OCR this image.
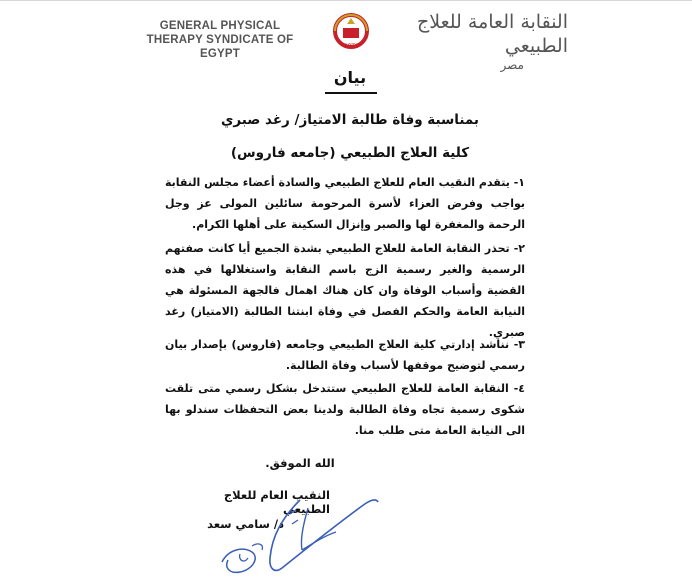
GENERAL PHYSICAL THERAPY SYNDICATE OF EGYPT
GPTS
النقابة العامة للعلاج الطبيعي
مصر
بيان
بمناسبة وفاة طالبة الامتياز/ رغد صبري
كلية العلاج الطبيعي (جامعه فاروس)
١- يتقدم النقيب العام للعلاج الطبيعي والسادة أعضاء مجلس النقابة بواجب وفرض العزاء لأسرة المرحومة سائلين المولى عز وجل الرحمة والمغفرة لها والصبر وإنزال السكينة على أهلها الكرام.
٢- تحذر النقابة العامة للعلاج الطبيعي بشدة الجميع أيا كانت صفتهم الرسمية والغير رسمية الزج باسم النقابة واستغلالها في هذه القضية وأسباب الوفاة وان كان هناك اهمال فالجهة المسئولة هي النيابة العامة والحكم الفصل في وفاة ابنتنا الطالبة (الامتياز) رغد صبري.
٣- نناشد إدارتي كلية العلاج الطبيعي وجامعه (فاروس) بإصدار بيان رسمي لتوضيح موقفها لأسباب وفاة الطالبة.
٤- النقابة العامة للعلاج الطبيعي ستتدخل بشكل رسمي متى تلقت شكوى رسمية تجاه وفاة الطالبة ولدينا بعض التحفظات سندلو بها الى النيابة العامة متى طلب منا.
الله الموفق.
النقيب العام للعلاج الطبيعي
د/ سامي سعد
